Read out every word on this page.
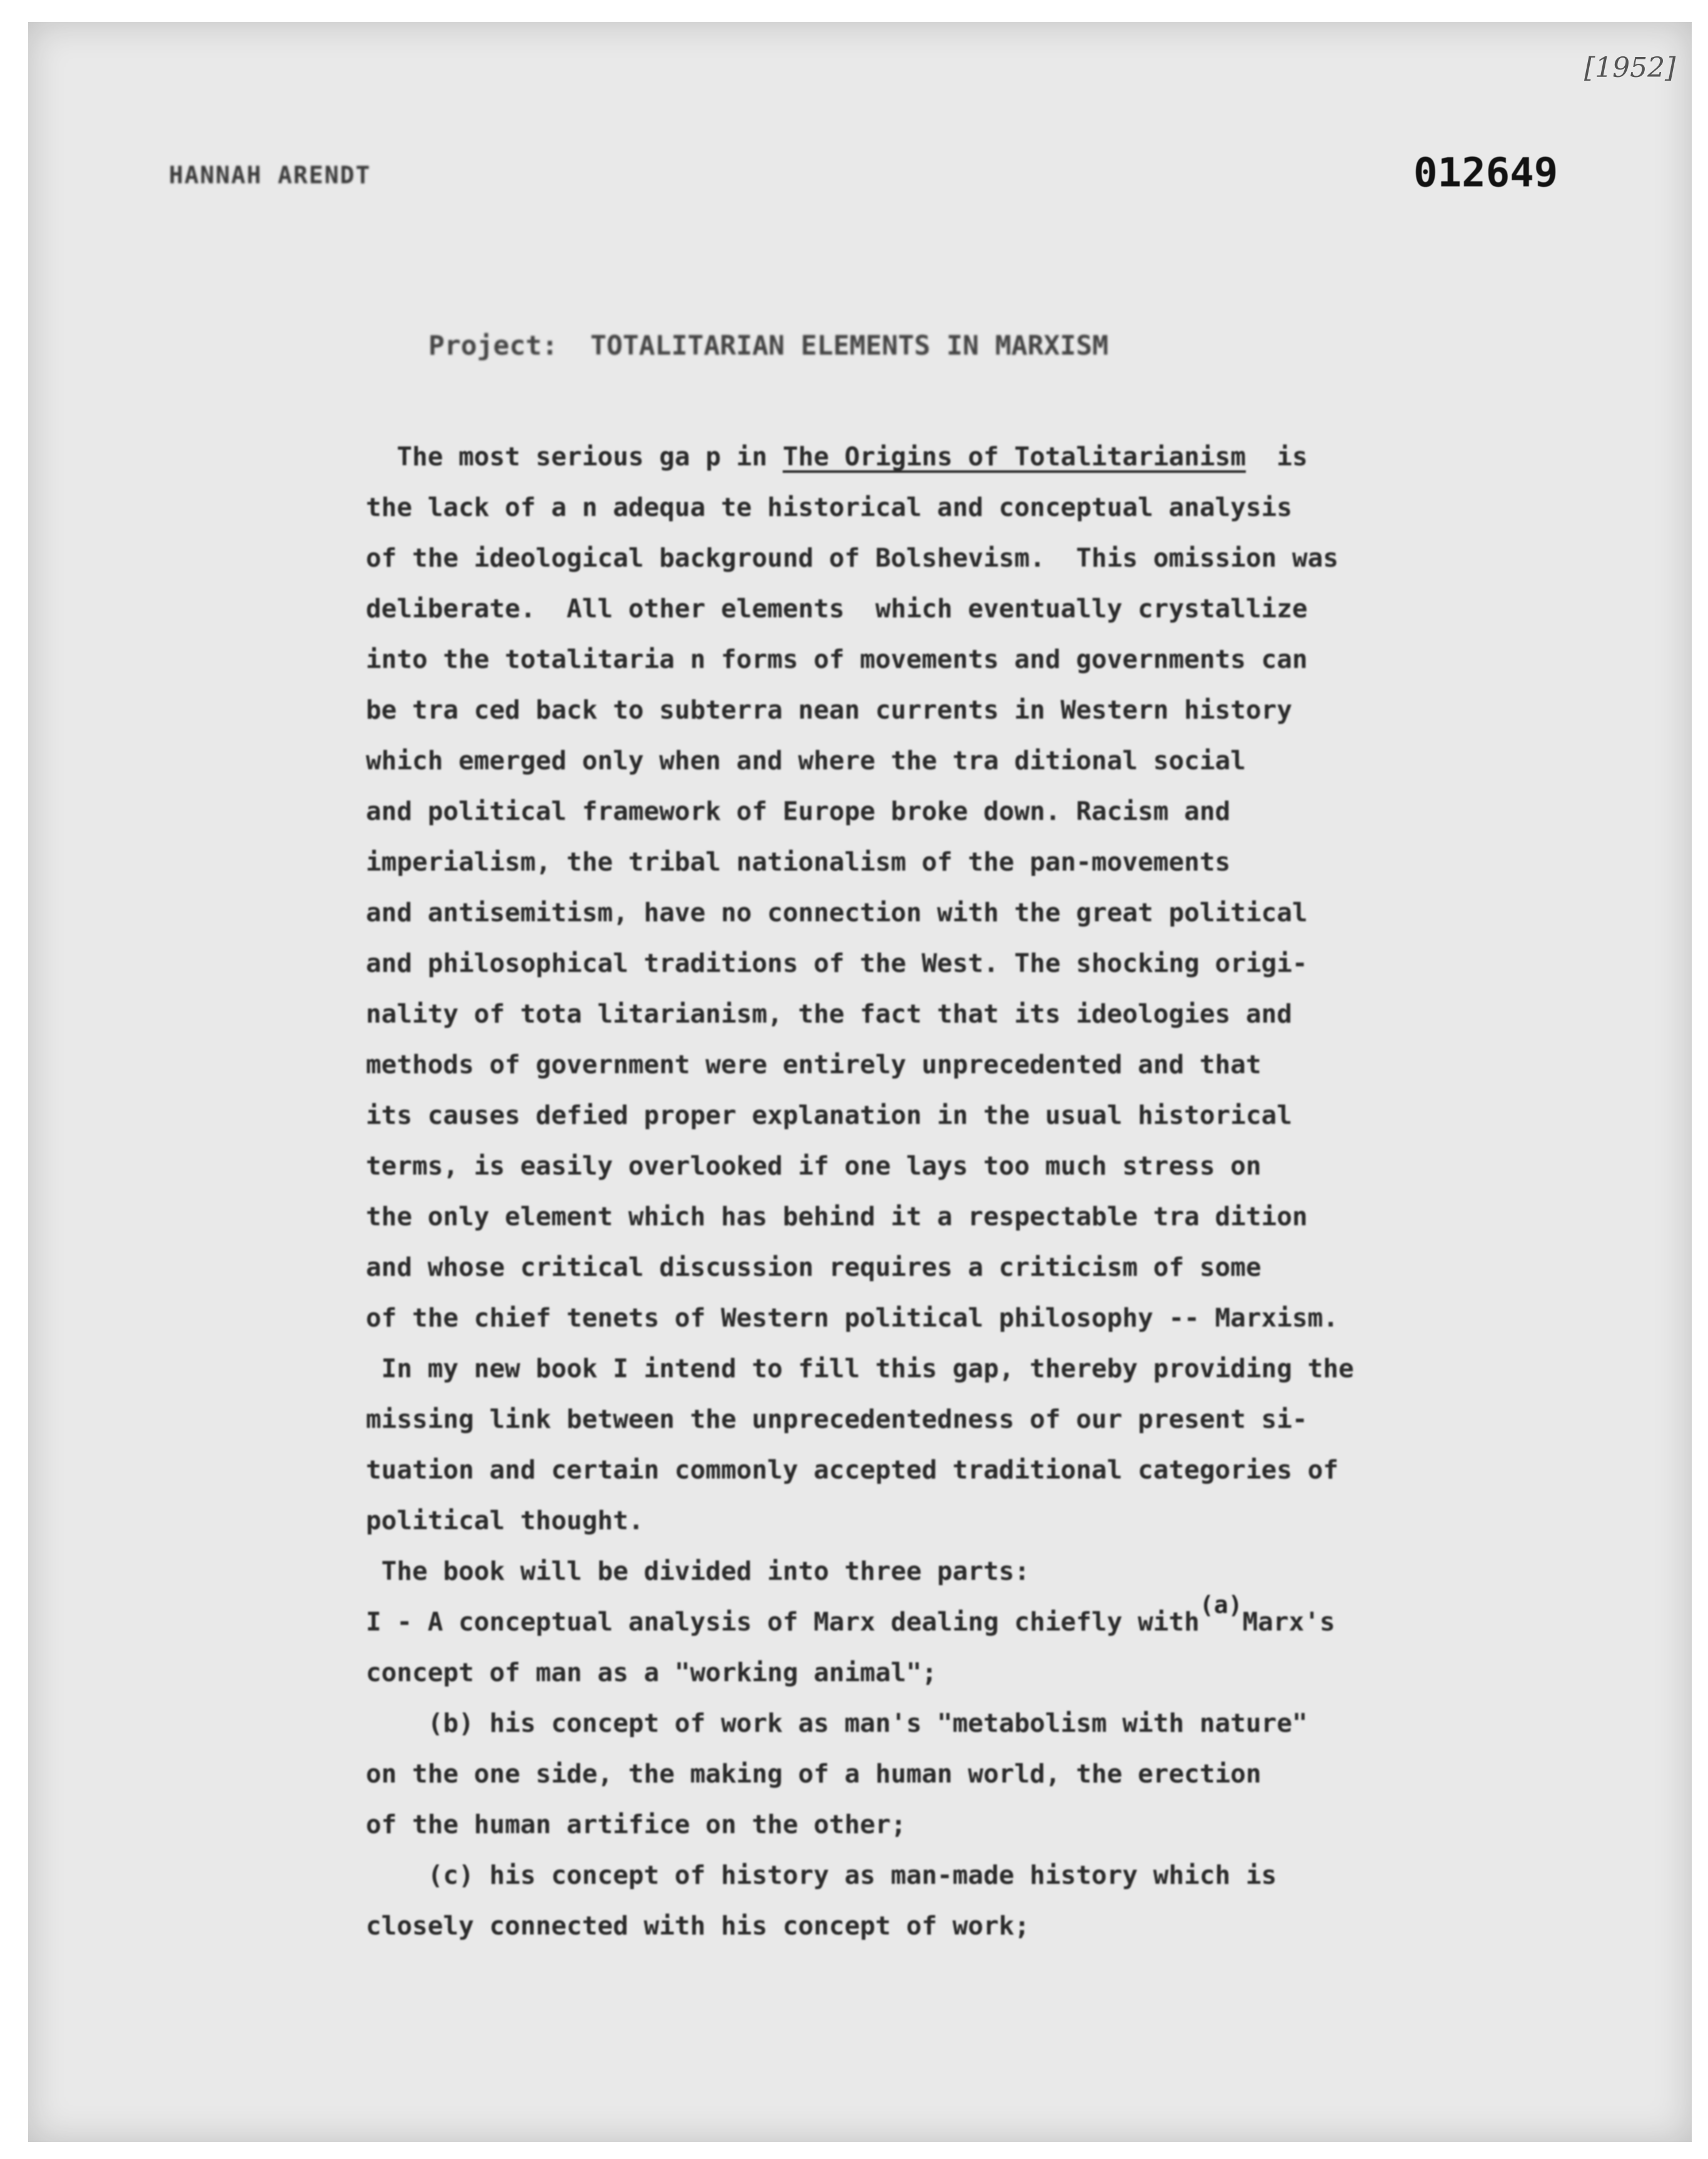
[1952]
HANNAH ARENDT	012649
Project:  TOTALITARIAN ELEMENTS IN MARXISM
The most serious ga p in The Origins of Totalitarianism  is
the lack of a n adequa te historical and conceptual analysis
of the ideological background of Bolshevism.  This omission was
deliberate.  All other elements  which eventually crystallize
into the totalitaria n forms of movements and governments can
be tra ced back to subterra nean currents in Western history
which emerged only when and where the tra ditional social
and political framework of Europe broke down. Racism and
imperialism, the tribal nationalism of the pan-movements
and antisemitism, have no connection with the great political
and philosophical traditions of the West. The shocking origi-
nality of tota litarianism, the fact that its ideologies and
methods of government were entirely unprecedented and that
its causes defied proper explanation in the usual historical
terms, is easily overlooked if one lays too much stress on
the only element which has behind it a respectable tra dition
and whose critical discussion requires a criticism of some
of the chief tenets of Western political philosophy -- Marxism.
In my new book I intend to fill this gap, thereby providing the
missing link between the unprecedentedness of our present si-
tuation and certain commonly accepted traditional categories of
political thought.
The book will be divided into three parts:
I - A conceptual analysis of Marx dealing chiefly with(a)Marx's
concept of man as a "working animal";
(b) his concept of work as man's "metabolism with nature"
on the one side, the making of a human world, the erection
of the human artifice on the other;
(c) his concept of history as man-made history which is
closely connected with his concept of work;
